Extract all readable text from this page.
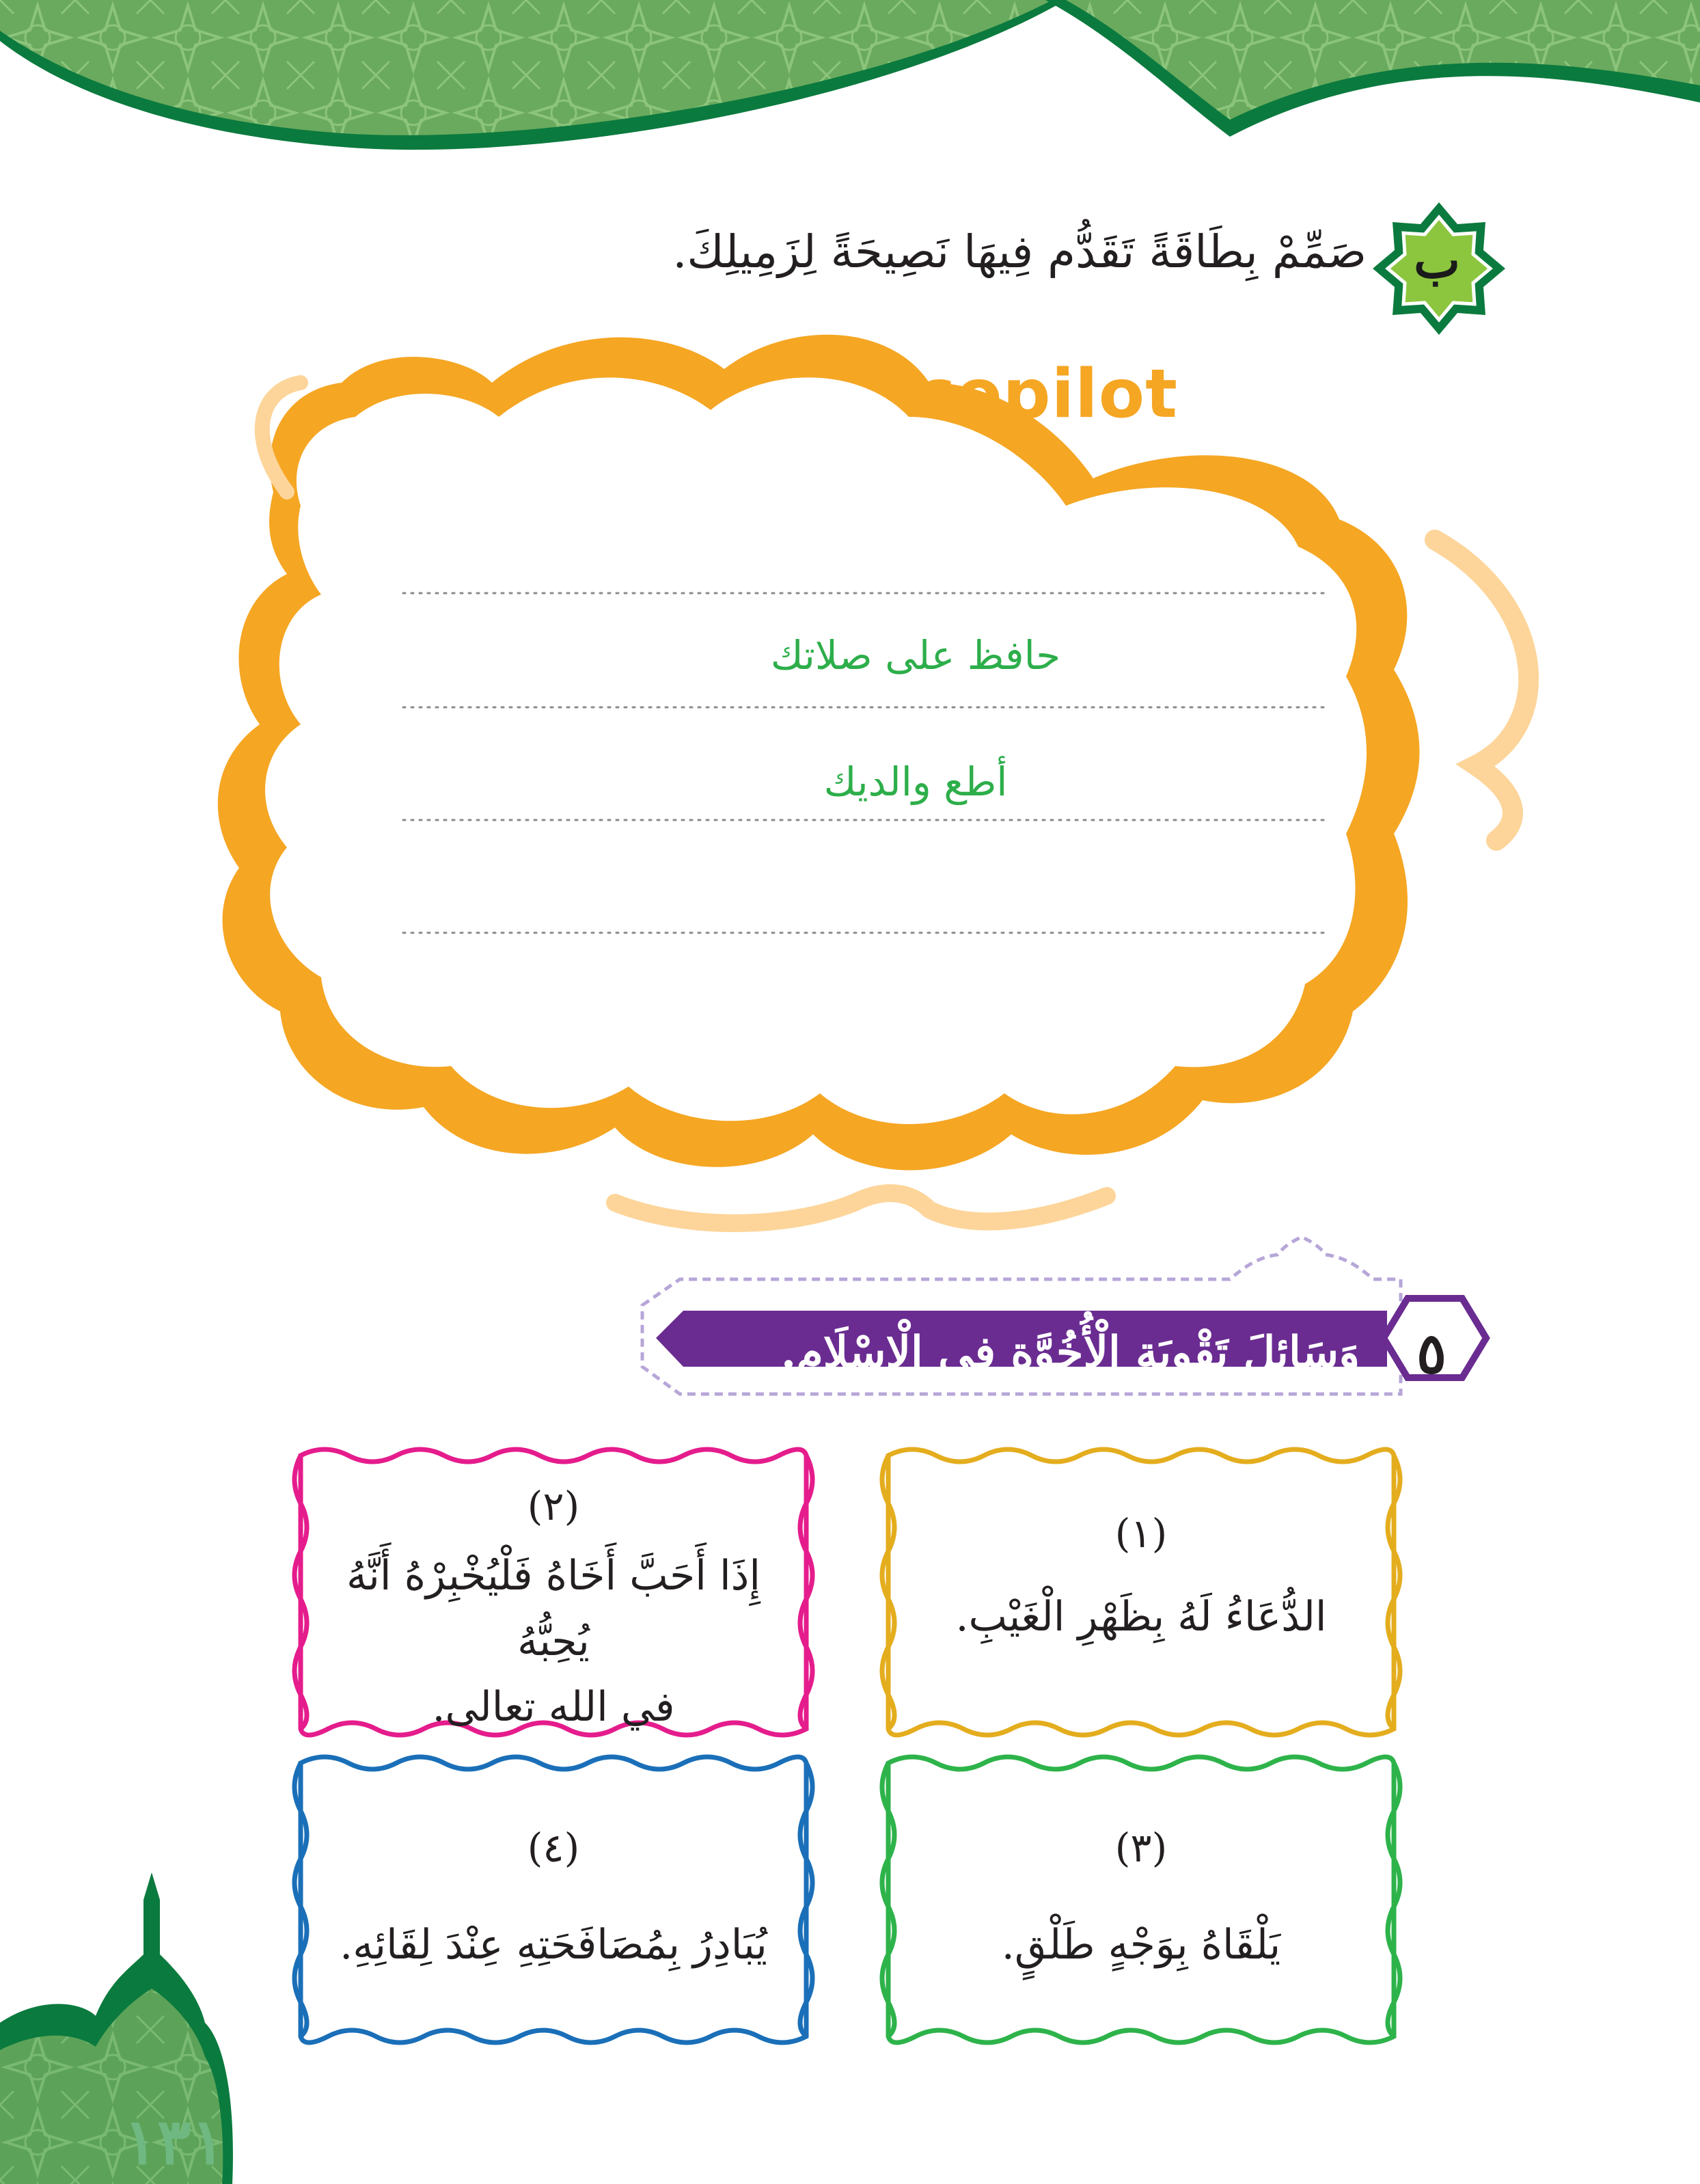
ب
صَمِّمْ بِطَاقَةً تَقَدُّم فِيهَا نَصِيحَةً لِزَمِيلِكَ.
copilot
حافظ على صلاتك
أطع والديك
٥
وَسَائِلَ تَقْوِيَةِ الْأُخُوَّةِ فِي الْإِسْلَامِ.
(١)
الدُّعَاءُ لَهُ بِظَهْرِ الْغَيْبِ.
(٢)
إِذَا أَحَبَّ أَخَاهُ فَلْيُخْبِرْهُ أَنَّهُ يُحِبُّهُ
في الله تعالى.
(٣)
يَلْقَاهُ بِوَجْهٍ طَلْقٍ.
(٤)
يُبَادِرُ بِمُصَافَحَتِهِ عِنْدَ لِقَائِهِ.
١٣١
